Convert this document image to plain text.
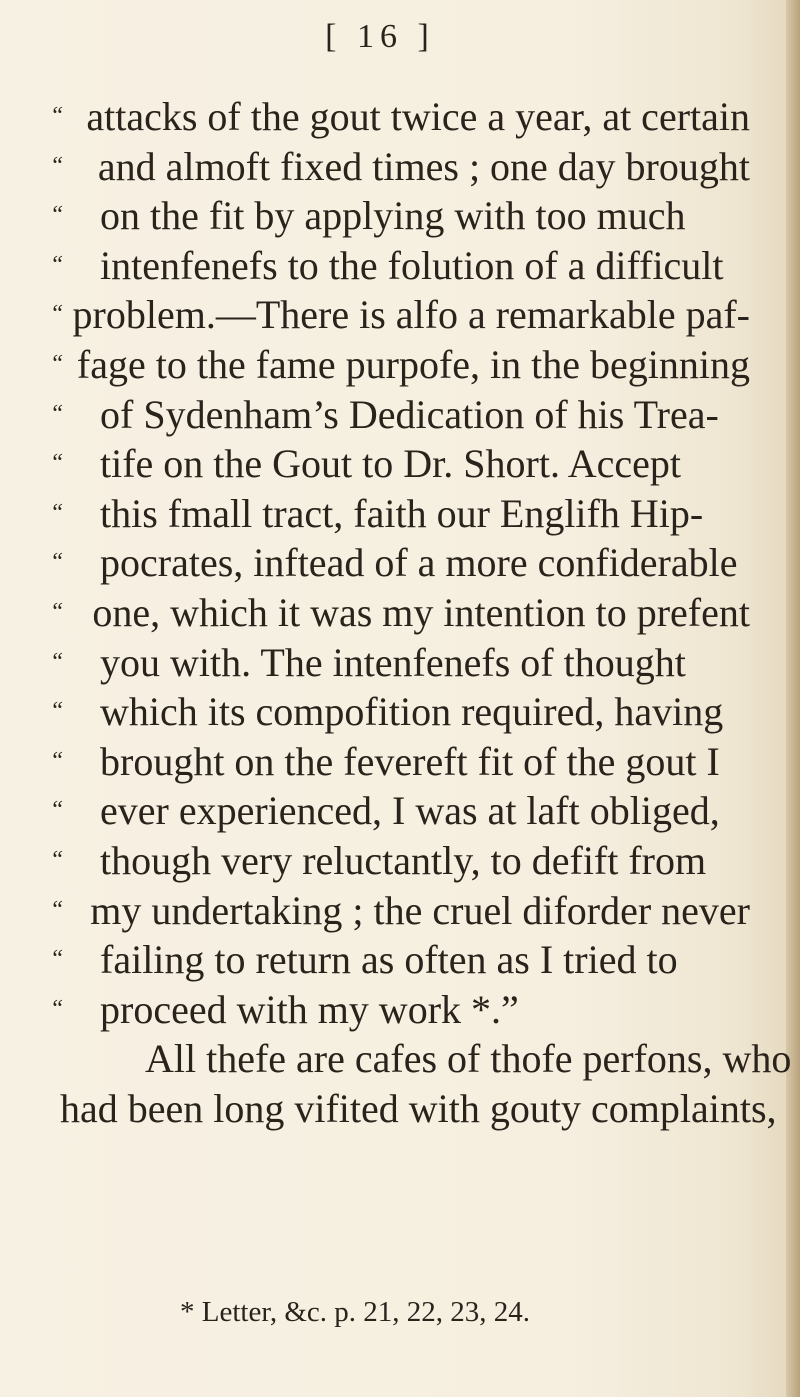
[ 16 ]
“ attacks of the gout twice a year, at certain
“ and almoft fixed times ; one day brought
“ on the fit by applying with too much
“ intenfenefs to the folution of a difficult
“ problem.—There is alfo a remarkable paf-
“ fage to the fame purpofe, in the beginning
“ of Sydenham’s Dedication of his Trea-
“ tife on the Gout to Dr. Short. Accept
“ this fmall tract, faith our Englifh Hip-
“ pocrates, inftead of a more confiderable
“ one, which it was my intention to prefent
“ you with. The intenfenefs of thought
“ which its compofition required, having
“ brought on the fevereft fit of the gout I
“ ever experienced, I was at laft obliged,
“ though very reluctantly, to defift from
“ my undertaking ; the cruel diforder never
“ failing to return as often as I tried to
“ proceed with my work *.”
All thefe are cafes of thofe perfons, who
had been long vifited with gouty complaints,
* Letter, &c. p. 21, 22, 23, 24.
